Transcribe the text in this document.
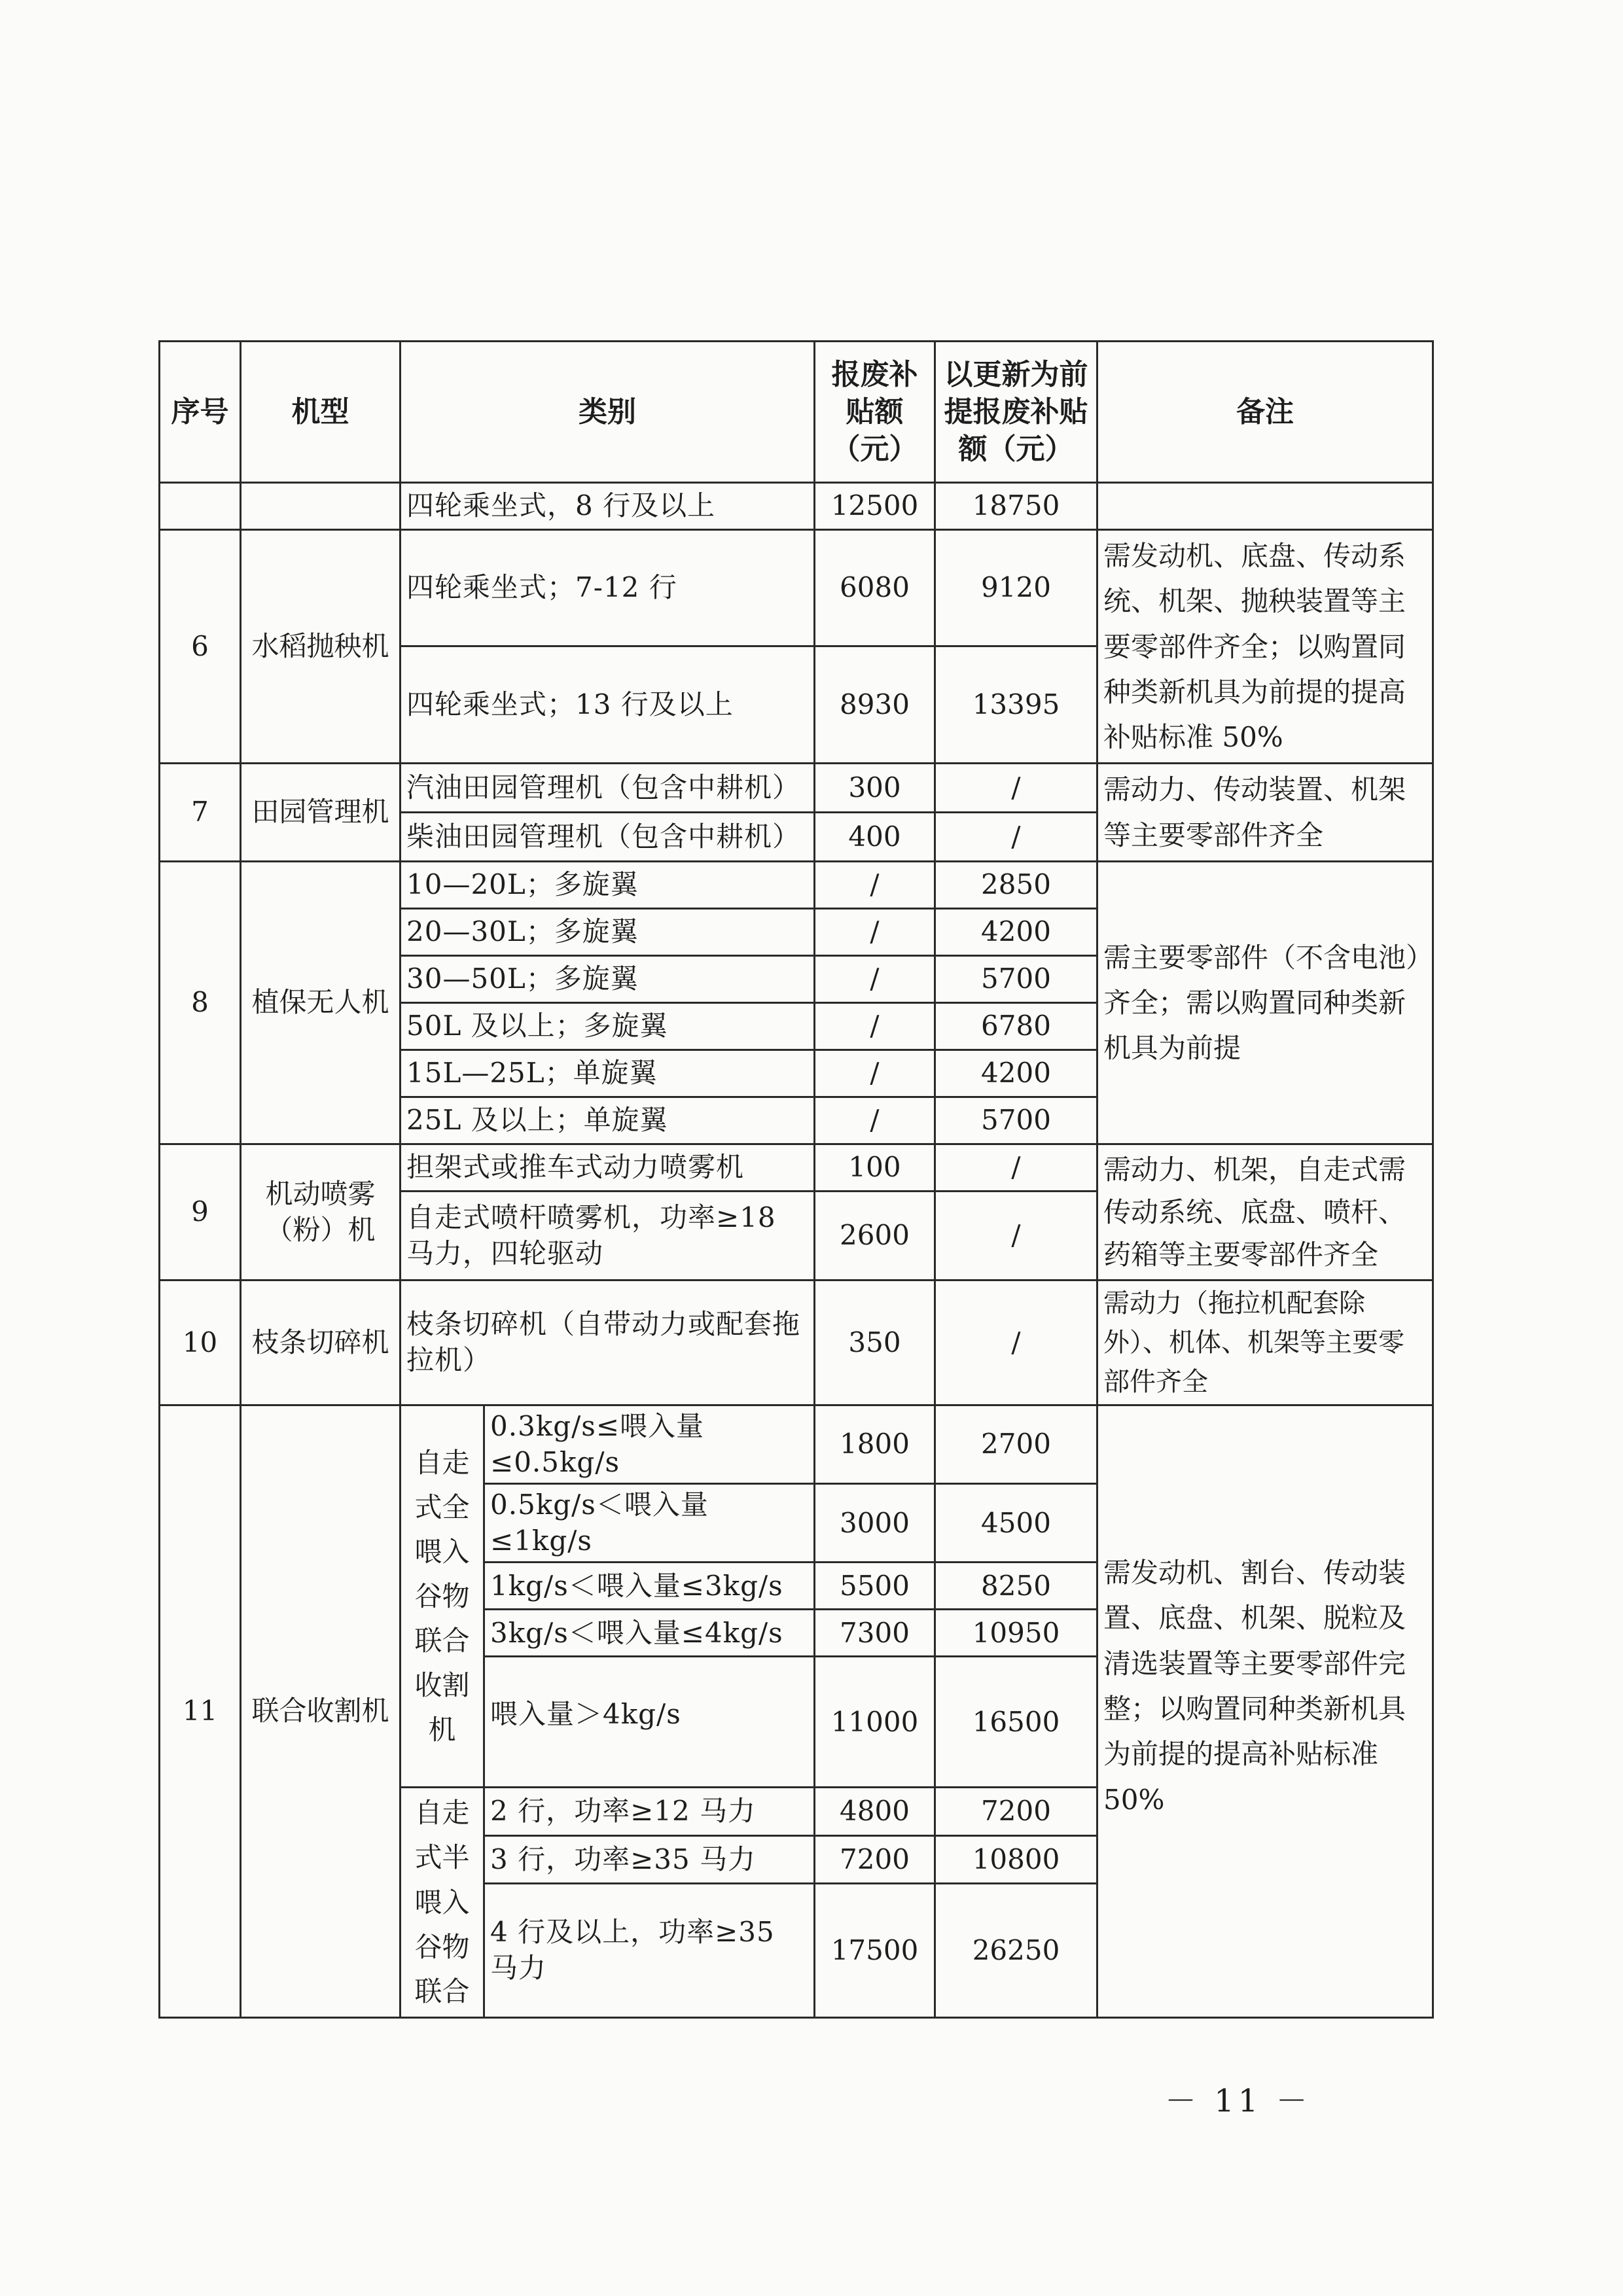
序号	机型	类别		报废补贴额（元）	以更新为前提报废补贴额（元）	备注
		四轮乘坐式，8 行及以上		12500	18750	
6	水稻抛秧机	四轮乘坐式；7-12 行		6080	9120	需发动机、底盘、传动系统、机架、抛秧装置等主要零部件齐全；以购置同种类新机具为前提的提高补贴标准 50%
		四轮乘坐式；13 行及以上		8930	13395	
7	田园管理机	汽油田园管理机（包含中耕机）		300	/	需动力、传动装置、机架等主要零部件齐全
		柴油田园管理机（包含中耕机）		400	/	
8	植保无人机	10—20L；多旋翼		/	2850	需主要零部件（不含电池）齐全；需以购置同种类新机具为前提
		20—30L；多旋翼		/	4200	
		30—50L；多旋翼		/	5700	
		50L 及以上；多旋翼		/	6780	
		15L—25L；单旋翼		/	4200	
		25L 及以上；单旋翼		/	5700	
9	机动喷雾（粉）机	担架式或推车式动力喷雾机		100	/	需动力、机架，自走式需传动系统、底盘、喷杆、药箱等主要零部件齐全
		自走式喷杆喷雾机，功率≥18 马力，四轮驱动		2600	/	
10	枝条切碎机	枝条切碎机（自带动力或配套拖拉机）		350	/	需动力（拖拉机配套除外）、机体、机架等主要零部件齐全
11	联合收割机	自走式全喂入谷物联合收割机	0.3kg/s≤喂入量≤0.5kg/s	1800	2700	需发动机、割台、传动装置、底盘、机架、脱粒及清选装置等主要零部件完整；以购置同种类新机具为前提的提高补贴标准 50%
			0.5kg/s＜喂入量≤1kg/s	3000	4500	
			1kg/s＜喂入量≤3kg/s	5500	8250	
			3kg/s＜喂入量≤4kg/s	7300	10950	
			喂入量＞4kg/s	11000	16500	
		自走式半喂入谷物联合	2 行，功率≥12 马力	4800	7200	
			3 行，功率≥35 马力	7200	10800	
			4 行及以上，功率≥35 马力	17500	26250	
－ 11 －
